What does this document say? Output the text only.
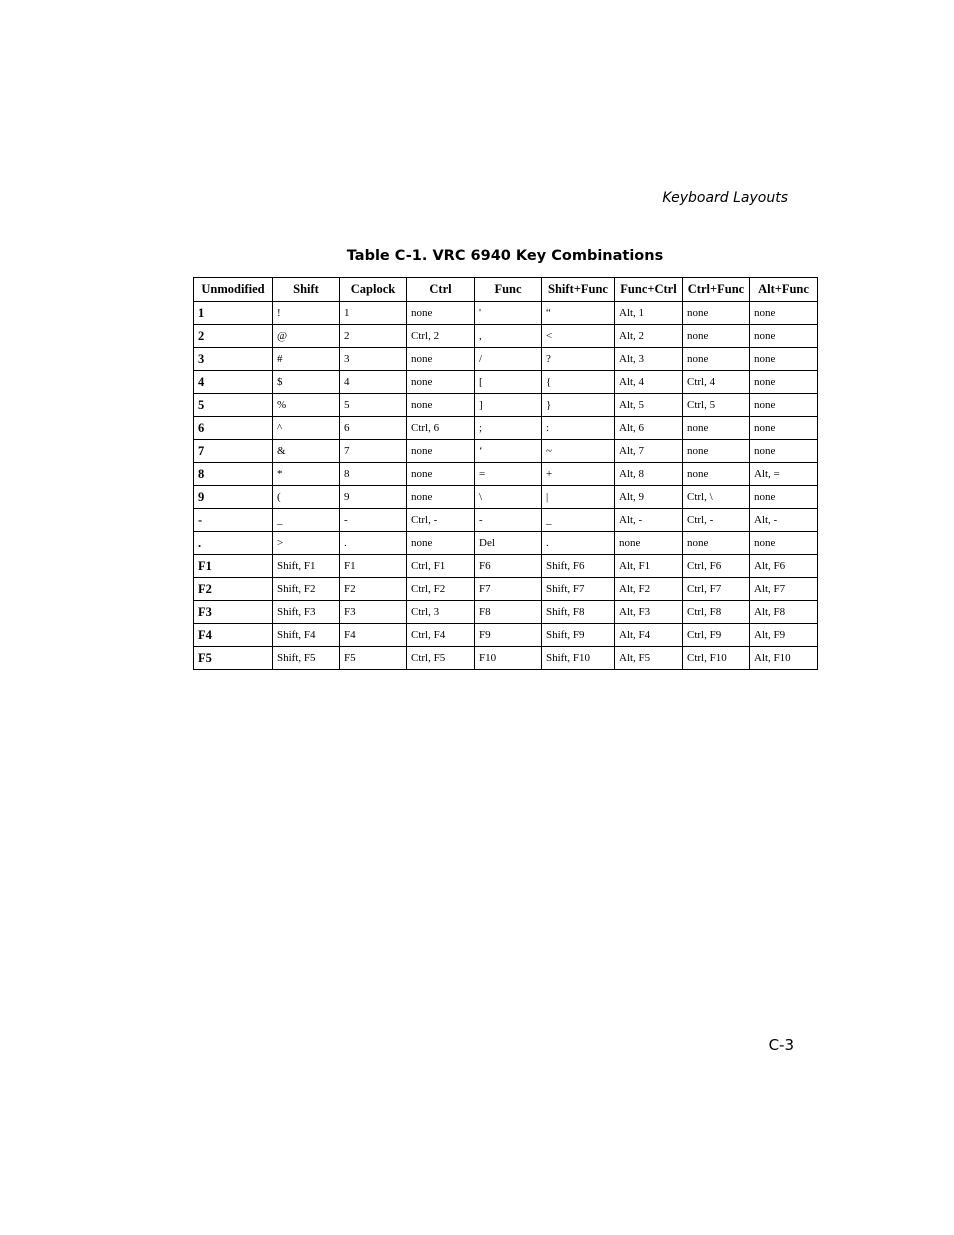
Keyboard Layouts

Table C-1. VRC 6940 Key Combinations

Unmodified	Shift	Caplock	Ctrl	Func	Shift+Func	Func+Ctrl	Ctrl+Func	Alt+Func
1	!	1	none	'	“	Alt, 1	none	none
2	@	2	Ctrl, 2	,	<	Alt, 2	none	none
3	#	3	none	/	?	Alt, 3	none	none
4	$	4	none	[	{	Alt, 4	Ctrl, 4	none
5	%	5	none	]	}	Alt, 5	Ctrl, 5	none
6	^	6	Ctrl, 6	;	:	Alt, 6	none	none
7	&	7	none	‘	~	Alt, 7	none	none
8	*	8	none	=	+	Alt, 8	none	Alt, =
9	(	9	none	\	|	Alt, 9	Ctrl, \	none
-	_	-	Ctrl, -	-	_	Alt, -	Ctrl, -	Alt, -
.	>	.	none	Del	.	none	none	none
F1	Shift, F1	F1	Ctrl, F1	F6	Shift, F6	Alt, F1	Ctrl, F6	Alt, F6
F2	Shift, F2	F2	Ctrl, F2	F7	Shift, F7	Alt, F2	Ctrl, F7	Alt, F7
F3	Shift, F3	F3	Ctrl, 3	F8	Shift, F8	Alt, F3	Ctrl, F8	Alt, F8
F4	Shift, F4	F4	Ctrl, F4	F9	Shift, F9	Alt, F4	Ctrl, F9	Alt, F9
F5	Shift, F5	F5	Ctrl, F5	F10	Shift, F10	Alt, F5	Ctrl, F10	Alt, F10

C-3
